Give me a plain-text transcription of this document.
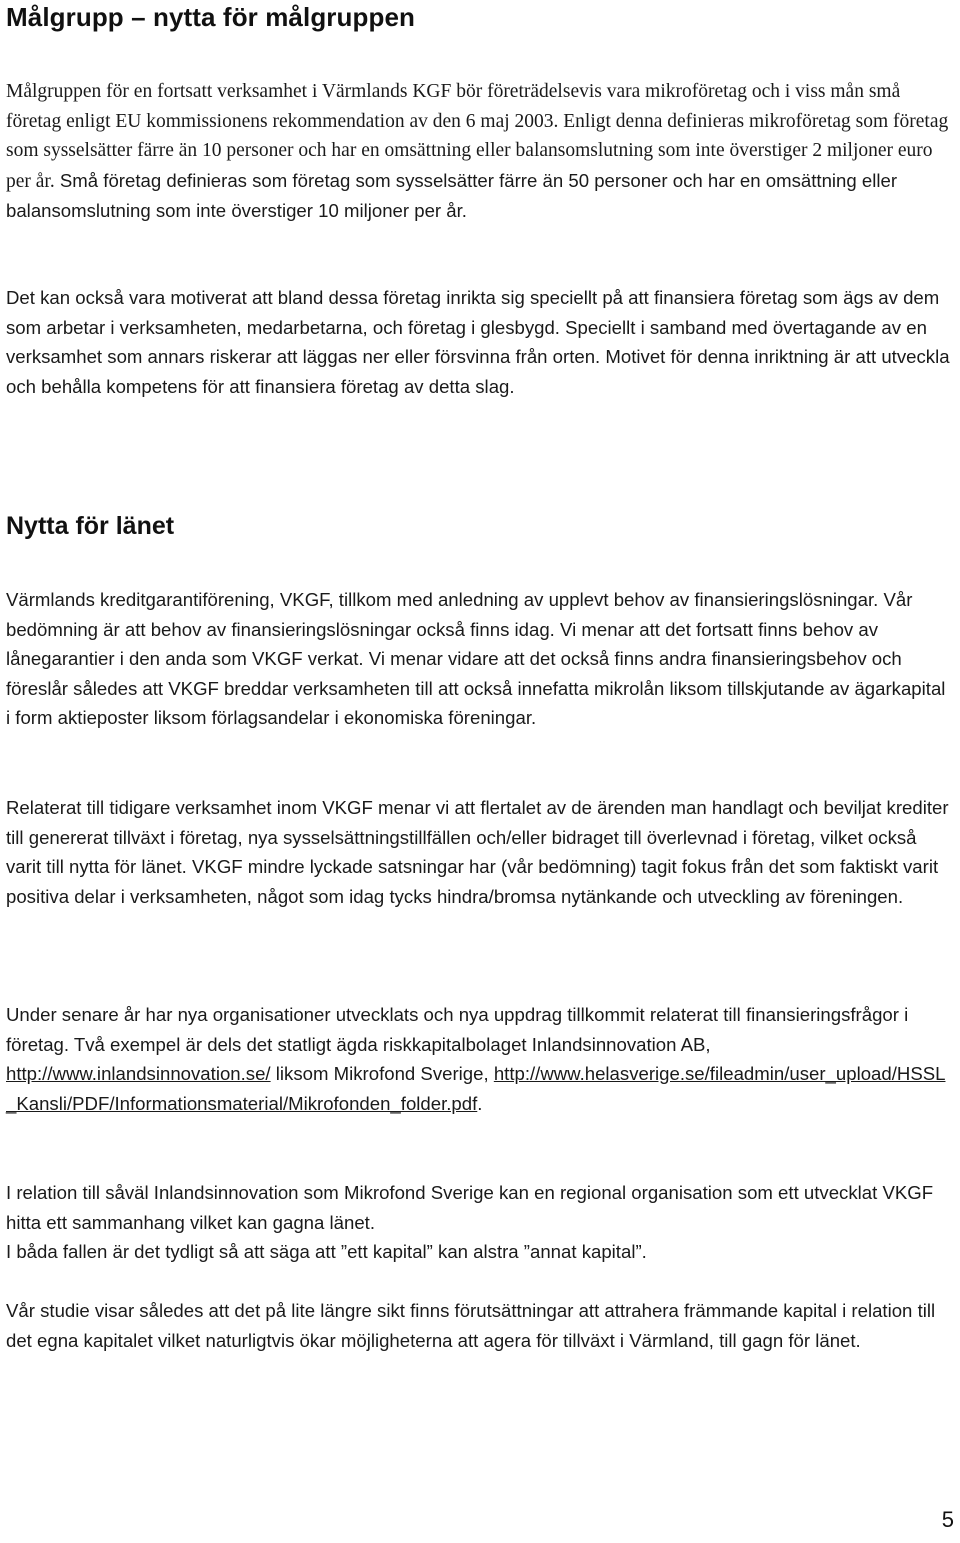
Målgrupp – nytta för målgruppen

Målgruppen för en fortsatt verksamhet i Värmlands KGF bör företrädelsevis vara mikroföretag och i viss mån små företag enligt EU kommissionens rekommendation av den 6 maj 2003. Enligt denna definieras mikroföretag som företag som sysselsätter färre än 10 personer och har en omsättning eller balansomslutning som inte överstiger 2 miljoner euro per år. Små företag definieras som företag som sysselsätter färre än 50 personer och har en omsättning eller balansomslutning som inte överstiger 10 miljoner per år.

Det kan också vara motiverat att bland dessa företag inrikta sig speciellt på att finansiera företag som ägs av dem som arbetar i verksamheten, medarbetarna, och företag i glesbygd. Speciellt i samband med övertagande av en verksamhet som annars riskerar att läggas ner eller försvinna från orten. Motivet för denna inriktning är att utveckla och behålla kompetens för att finansiera företag av detta slag.

Nytta för länet

Värmlands kreditgarantiförening, VKGF, tillkom med anledning av upplevt behov av finansieringslösningar. Vår bedömning är att behov av finansieringslösningar också finns idag. Vi menar att det fortsatt finns behov av lånegarantier i den anda som VKGF verkat. Vi menar vidare att det också finns andra finansieringsbehov och föreslår således att VKGF breddar verksamheten till att också innefatta mikrolån liksom tillskjutande av ägarkapital i form aktieposter liksom förlagsandelar i ekonomiska föreningar.

Relaterat till tidigare verksamhet inom VKGF menar vi att flertalet av de ärenden man handlagt och beviljat krediter till genererat tillväxt i företag, nya sysselsättningstillfällen och/eller bidraget till överlevnad i företag, vilket också varit till nytta för länet. VKGF mindre lyckade satsningar har (vår bedömning) tagit fokus från det som faktiskt varit positiva delar i verksamheten, något som idag tycks hindra/bromsa nytänkande och utveckling av föreningen.

Under senare år har nya organisationer utvecklats och nya uppdrag tillkommit relaterat till finansieringsfrågor i företag. Två exempel är dels det statligt ägda riskkapitalbolaget Inlandsinnovation AB, http://www.inlandsinnovation.se/ liksom Mikrofond Sverige, http://www.helasverige.se/fileadmin/user_upload/HSSL_Kansli/PDF/Informationsmaterial/Mikrofonden_folder.pdf.

I relation till såväl Inlandsinnovation som Mikrofond Sverige kan en regional organisation som ett utvecklat VKGF hitta ett sammanhang vilket kan gagna länet.
I båda fallen är det tydligt så att säga att ”ett kapital” kan alstra ”annat kapital”.

Vår studie visar således att det på lite längre sikt finns förutsättningar att attrahera främmande kapital i relation till det egna kapitalet vilket naturligtvis ökar möjligheterna att agera för tillväxt i Värmland, till gagn för länet.

5
